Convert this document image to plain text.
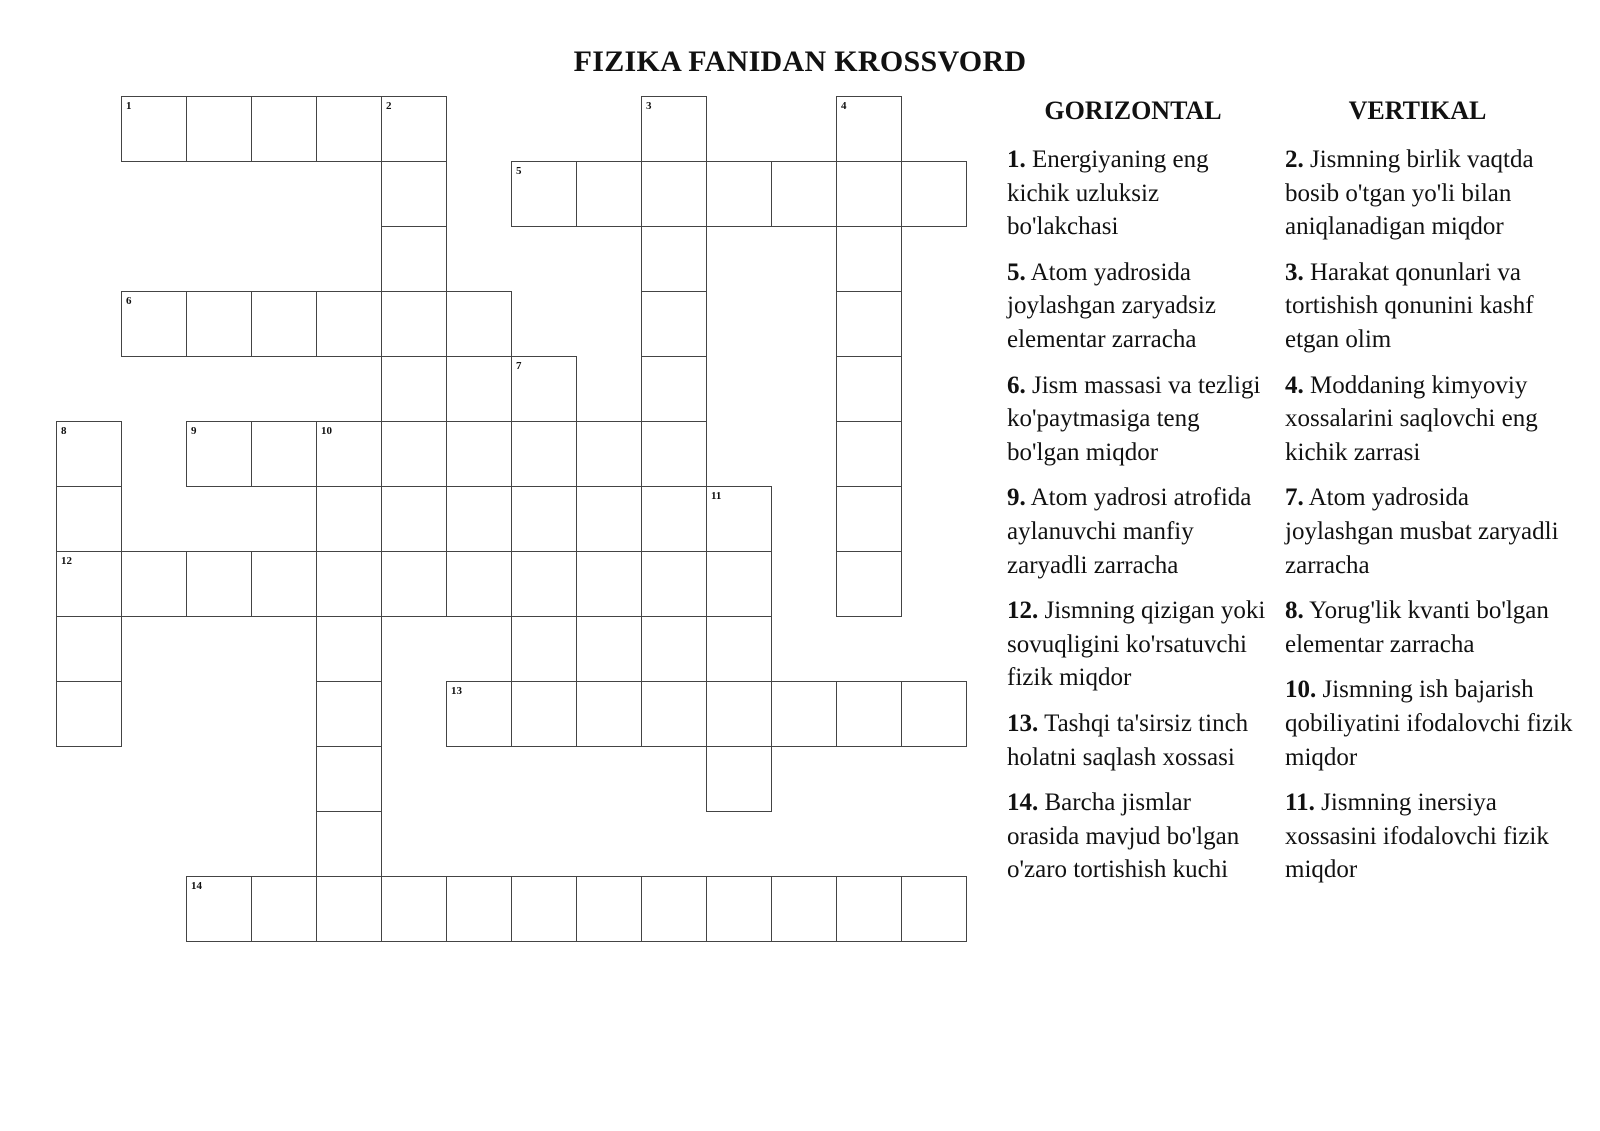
FIZIKA FANIDAN KROSSVORD
1	2	3	4
5
6
7
8
12
9	10
11
13
14
GORIZONTAL	VERTIKAL
1. Energiyaning eng kichik uzluksiz bo'lakchasi
5. Atom yadrosida joylashgan zaryadsiz elementar zarracha
6. Jism massasi va tezligi ko'paytmasiga teng bo'lgan miqdor
9. Atom yadrosi atrofida aylanuvchi manfiy zaryadli zarracha
12. Jismning qizigan yoki sovuqligini ko'rsatuvchi fizik miqdor
13. Tashqi ta'sirsiz tinch holatni saqlash xossasi
14. Barcha jismlar orasida mavjud bo'lgan o'zaro tortishish kuchi
2. Jismning birlik vaqtda bosib o'tgan yo'li bilan aniqlanadigan miqdor
3. Harakat qonunlari va tortishish qonunini kashf etgan olim
4. Moddaning kimyoviy xossalarini saqlovchi eng kichik zarrasi
7. Atom yadrosida joylashgan musbat zaryadli zarracha
8. Yorug'lik kvanti bo'lgan elementar zarracha
10. Jismning ish bajarish qobiliyatini ifodalovchi fizik miqdor
11. Jismning inersiya xossasini ifodalovchi fizik miqdor
